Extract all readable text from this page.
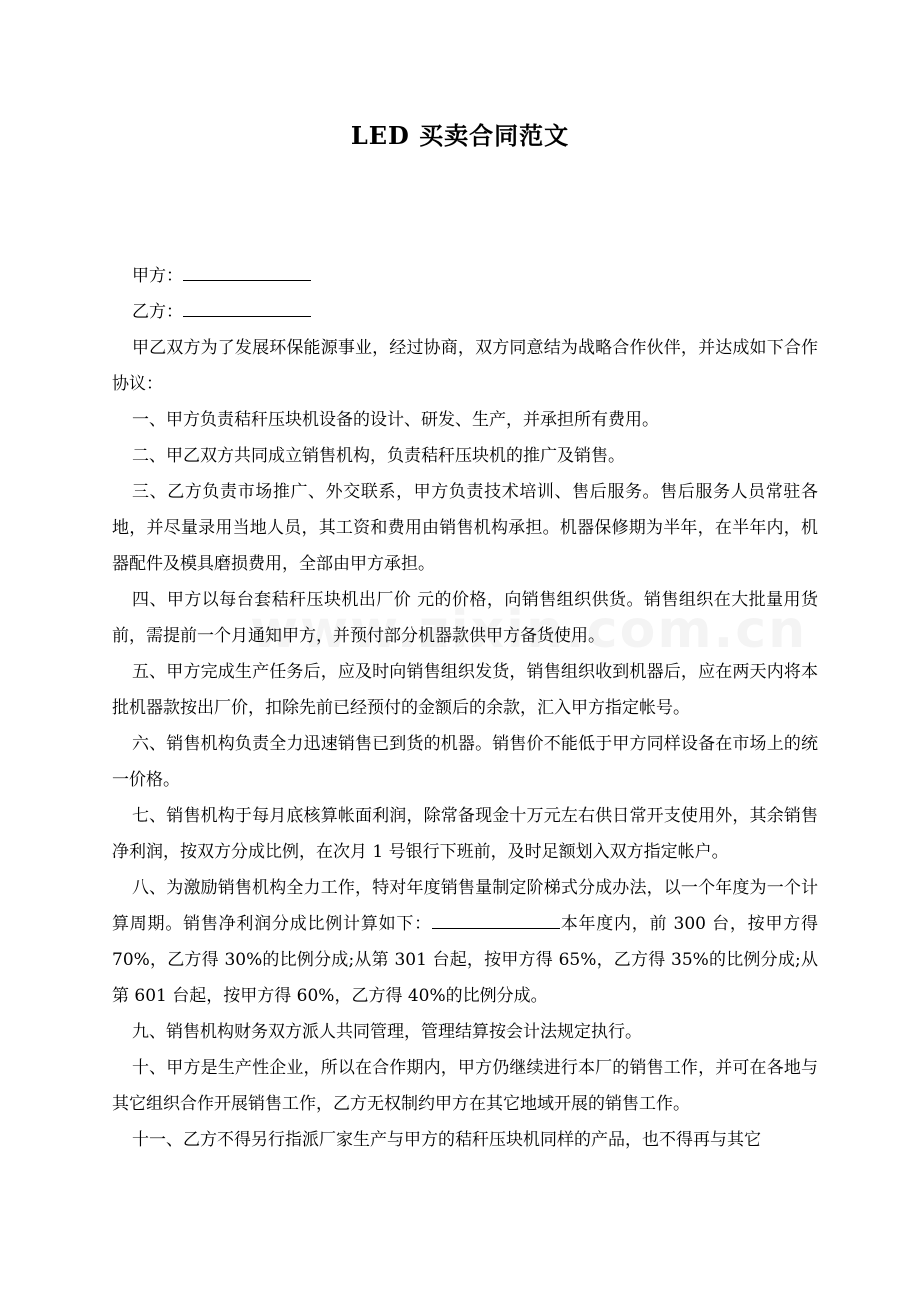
LED 买卖合同范文

甲方：

乙方：

甲乙双方为了发展环保能源事业，经过协商，双方同意结为战略合作伙伴，并达成如下合作协议：

一、甲方负责秸秆压块机设备的设计、研发、生产，并承担所有费用。

二、甲乙双方共同成立销售机构，负责秸秆压块机的推广及销售。

三、乙方负责市场推广、外交联系，甲方负责技术培训、售后服务。售后服务人员常驻各地，并尽量录用当地人员，其工资和费用由销售机构承担。机器保修期为半年，在半年内，机器配件及模具磨损费用，全部由甲方承担。

四、甲方以每台套秸秆压块机出厂价 元的价格，向销售组织供货。销售组织在大批量用货前，需提前一个月通知甲方，并预付部分机器款供甲方备货使用。

五、甲方完成生产任务后，应及时向销售组织发货，销售组织收到机器后，应在两天内将本批机器款按出厂价，扣除先前已经预付的金额后的余款，汇入甲方指定帐号。

六、销售机构负责全力迅速销售已到货的机器。销售价不能低于甲方同样设备在市场上的统一价格。

七、销售机构于每月底核算帐面利润，除常备现金十万元左右供日常开支使用外，其余销售净利润，按双方分成比例，在次月 1 号银行下班前，及时足额划入双方指定帐户。

八、为激励销售机构全力工作，特对年度销售量制定阶梯式分成办法，以一个年度为一个计算周期。销售净利润分成比例计算如下：	本年度内，前 300 台，按甲方得 70%，乙方得 30%的比例分成;从第 301 台起，按甲方得 65%，乙方得 35%的比例分成;从第 601 台起，按甲方得 60%，乙方得 40%的比例分成。

九、销售机构财务双方派人共同管理，管理结算按会计法规定执行。

十、甲方是生产性企业，所以在合作期内，甲方仍继续进行本厂的销售工作，并可在各地与其它组织合作开展销售工作，乙方无权制约甲方在其它地域开展的销售工作。

十一、乙方不得另行指派厂家生产与甲方的秸秆压块机同样的产品，也不得再与其它
